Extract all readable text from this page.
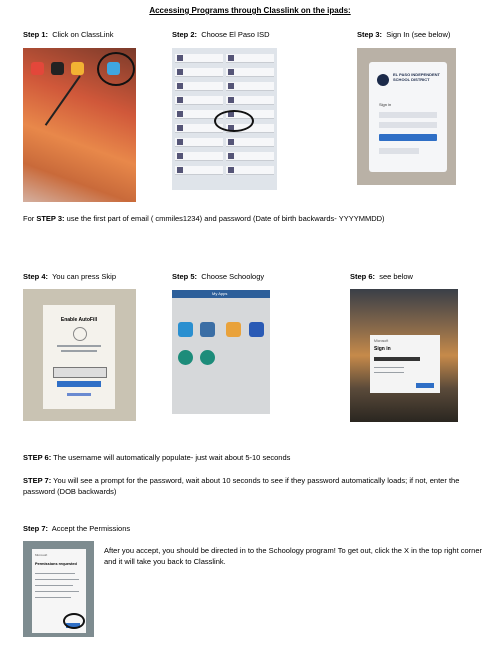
Accessing Programs through Classlink on the ipads:
Step 1: Click on ClassLink	Step 2: Choose El Paso ISD	Step 3: Sign In (see below)
EL PASO INDEPENDENT SCHOOL DISTRICT
Sign in
For STEP 3: use the first part of email ( cmmiles1234) and password (Date of birth backwards- YYYYMMDD)
Step 4: You can press Skip	Step 5: Choose Schoology	Step 6: see below
Enable AutoFill
My Apps
Microsoft
Sign in
STEP 6: The username will automatically populate- just wait about 5-10 seconds
STEP 7: You will see a prompt for the password, wait about 10 seconds to see if they password automatically loads; if not, enter the password (DOB backwards)
Step 7: Accept the Permissions
Microsoft
Permissions requested
After you accept, you should be directed in to the Schoology program! To get out, click the X in the top right corner and it will take you back to Classlink.
